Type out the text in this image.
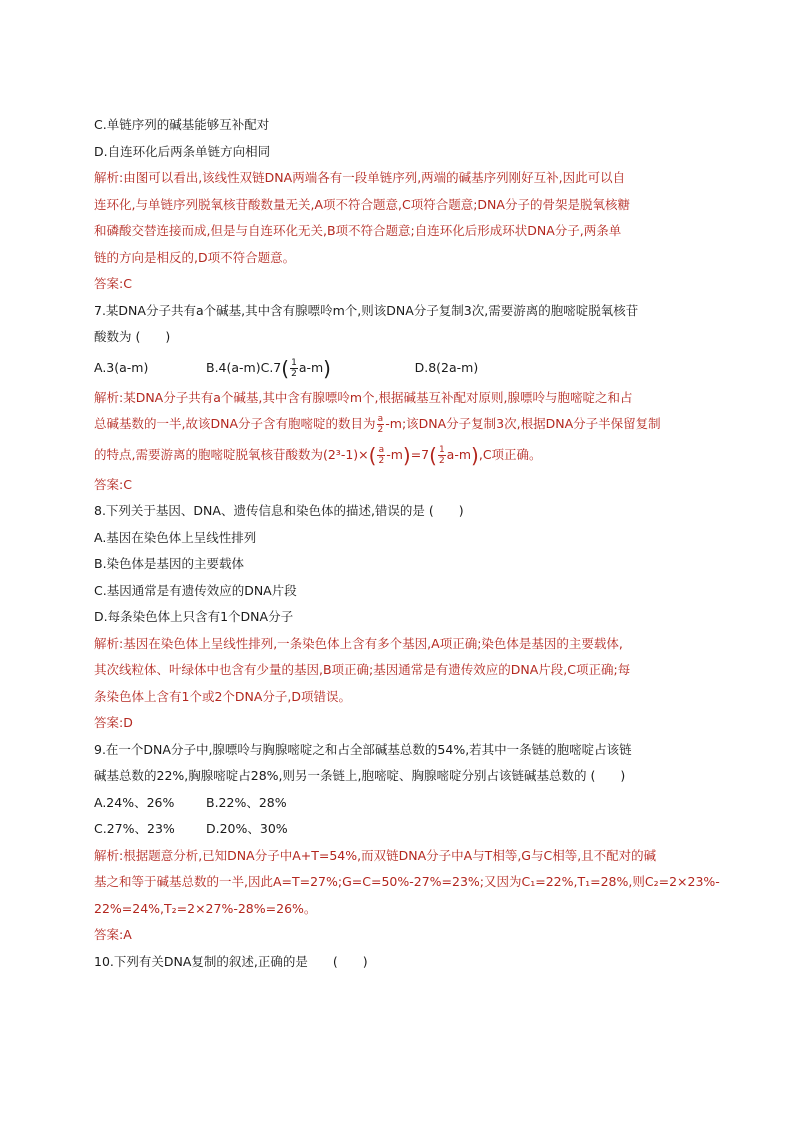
C.单链序列的碱基能够互补配对
D.自连环化后两条单链方向相同
解析:由图可以看出,该线性双链DNA两端各有一段单链序列,两端的碱基序列刚好互补,因此可以自
连环化,与单链序列脱氧核苷酸数量无关,A项不符合题意,C项符合题意;DNA分子的骨架是脱氧核糖
和磷酸交替连接而成,但是与自连环化无关,B项不符合题意;自连环化后形成环状DNA分子,两条单
链的方向是相反的,D项不符合题意。
答案:C
7.某DNA分子共有a个碱基,其中含有腺嘌呤m个,则该DNA分子复制3次,需要游离的胞嘧啶脱氧核苷
酸数为 (　　)
A.3(a-m)	B.4(a-m) $C.7( \frac{1}{2} a-m)$	D.8(2a-m)
解析:某DNA分子共有a个碱基,其中含有腺嘌呤m个,根据碱基互补配对原则,腺嘌呤与胞嘧啶之和占
总碱基数的一半,故该DNA分子含有胞嘧啶的数目为 $\frac{a}{2} -m$;该DNA分子复制3次,根据DNA分子半保留复制
的特点,需要游离的胞嘧啶脱氧核苷酸数为$(2^3-1)\times( \frac{a}{2} -m)=7( \frac{1}{2} a-m),C$项正确。
答案:C
8.下列关于基因、DNA、遗传信息和染色体的描述,错误的是 (　　)
A.基因在染色体上呈线性排列
B.染色体是基因的主要载体
C.基因通常是有遗传效应的DNA片段
D.每条染色体上只含有1个DNA分子
解析:基因在染色体上呈线性排列,一条染色体上含有多个基因,A项正确;染色体是基因的主要载体,
其次线粒体、叶绿体中也含有少量的基因,B项正确;基因通常是有遗传效应的DNA片段,C项正确;每
条染色体上含有1个或2个DNA分子,D项错误。
答案:D
9.在一个DNA分子中,腺嘌呤与胸腺嘧啶之和占全部碱基总数的54%,若其中一条链的胞嘧啶占该链
碱基总数的22%,胸腺嘧啶占28%,则另一条链上,胞嘧啶、胸腺嘧啶分别占该链碱基总数的 (　　)
A.24%、26%	B.22%、28%
C.27%、23%	D.20%、30%
解析:根据题意分析,已知DNA分子中A+T=54%,而双链DNA分子中A与T相等,G与C相等,且不配对的碱
基之和等于碱基总数的一半,因此A=T=27%;G=C=50%-27%=23%;又因为C₁=22%,T₁=28%,则C₂=2×23%-
22%=24%,T₂=2×27%-28%=26%。
答案:A
10.下列有关DNA复制的叙述,正确的是　　(　　)
